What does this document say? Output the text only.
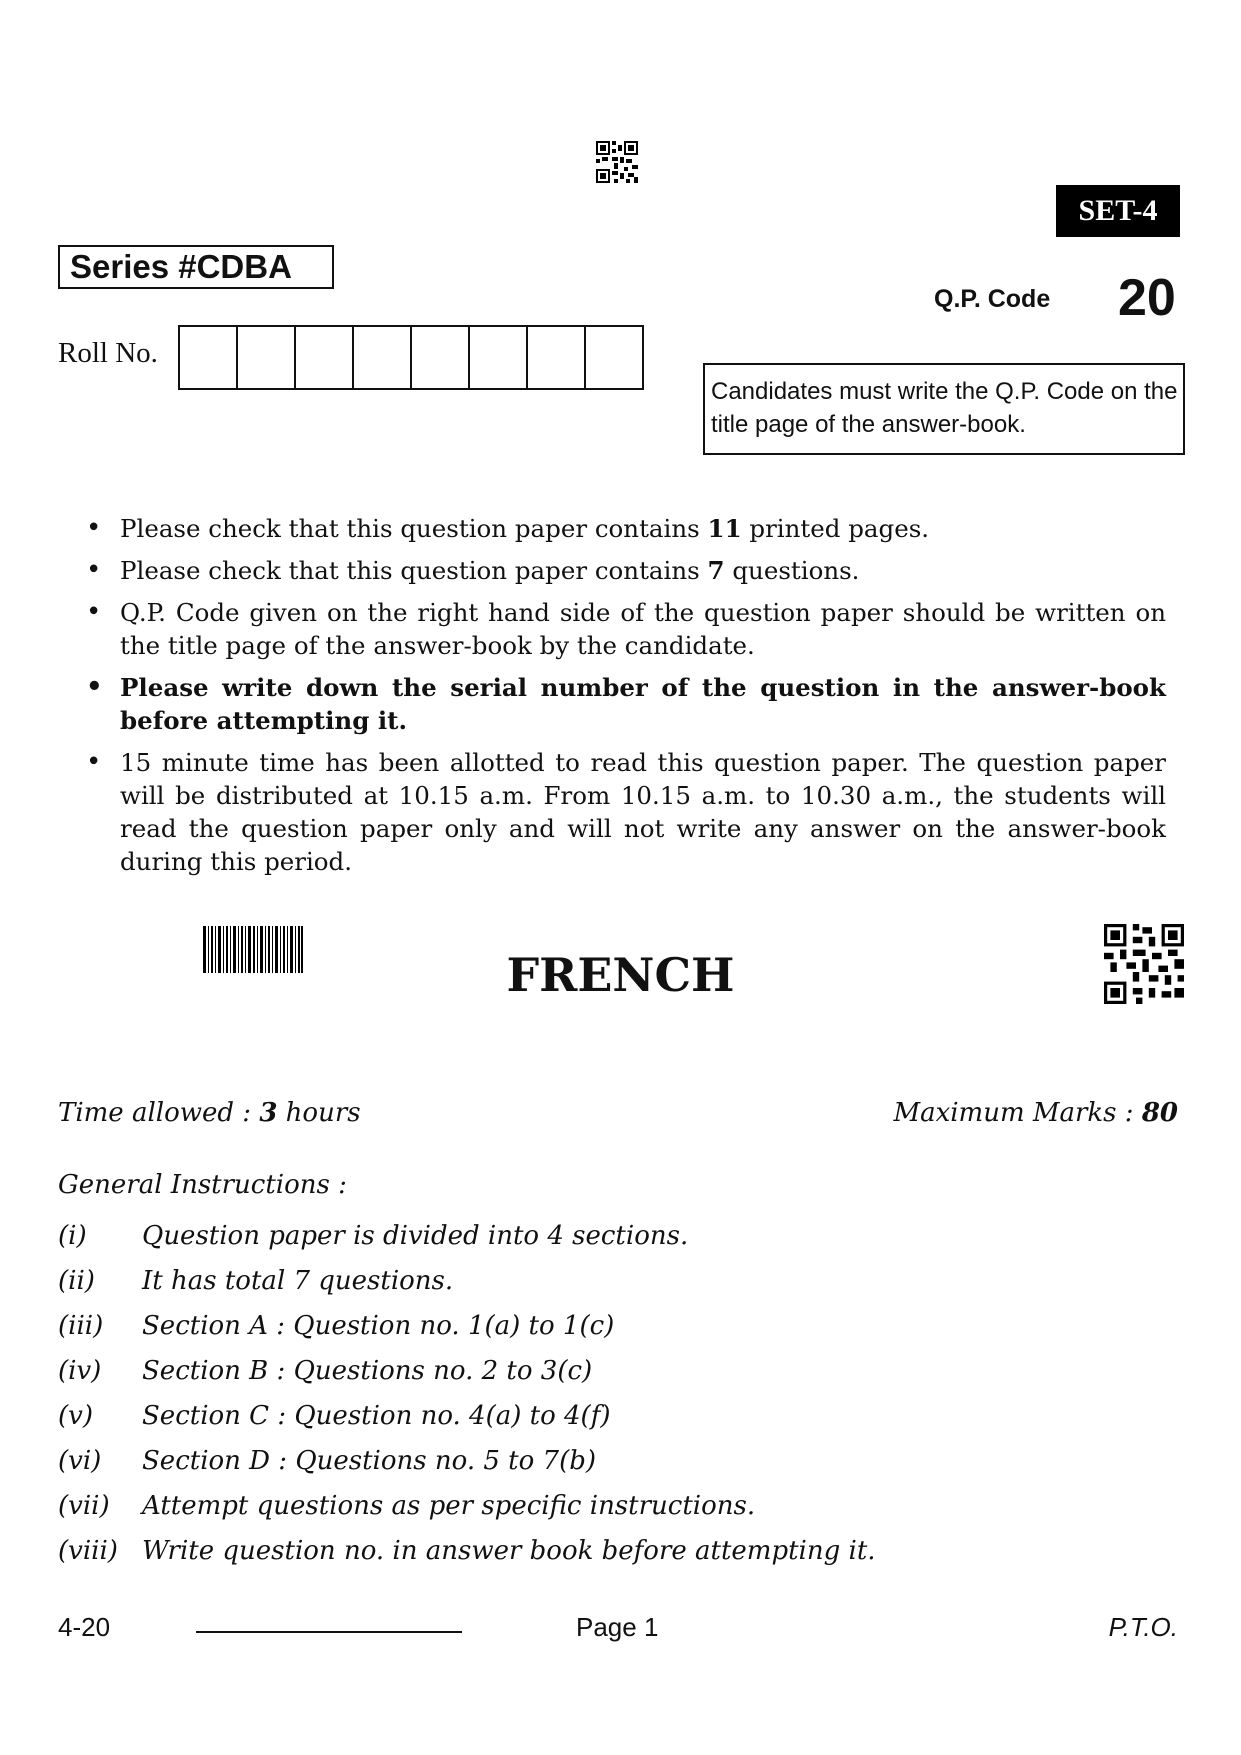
SET-4
Series #CDBA
Q.P. Code 20
Roll No.
Candidates must write the Q.P. Code on the title page of the answer-book.
• Please check that this question paper contains 11 printed pages.
• Please check that this question paper contains 7 questions.
• Q.P. Code given on the right hand side of the question paper should be written on the title page of the answer-book by the candidate.
• Please write down the serial number of the question in the answer-book before attempting it.
• 15 minute time has been allotted to read this question paper. The question paper will be distributed at 10.15 a.m. From 10.15 a.m. to 10.30 a.m., the students will read the question paper only and will not write any answer on the answer-book during this period.
FRENCH
Time allowed : 3 hours	Maximum Marks : 80
General Instructions :
(i)	Question paper is divided into 4 sections.
(ii)	It has total 7 questions.
(iii)	Section A : Question no. 1(a) to 1(c)
(iv)	Section B : Questions no. 2 to 3(c)
(v)	Section C : Question no. 4(a) to 4(f)
(vi)	Section D : Questions no. 5 to 7(b)
(vii)	Attempt questions as per specific instructions.
(viii) Write question no. in answer book before attempting it.
4-20	Page 1	P.T.O.
